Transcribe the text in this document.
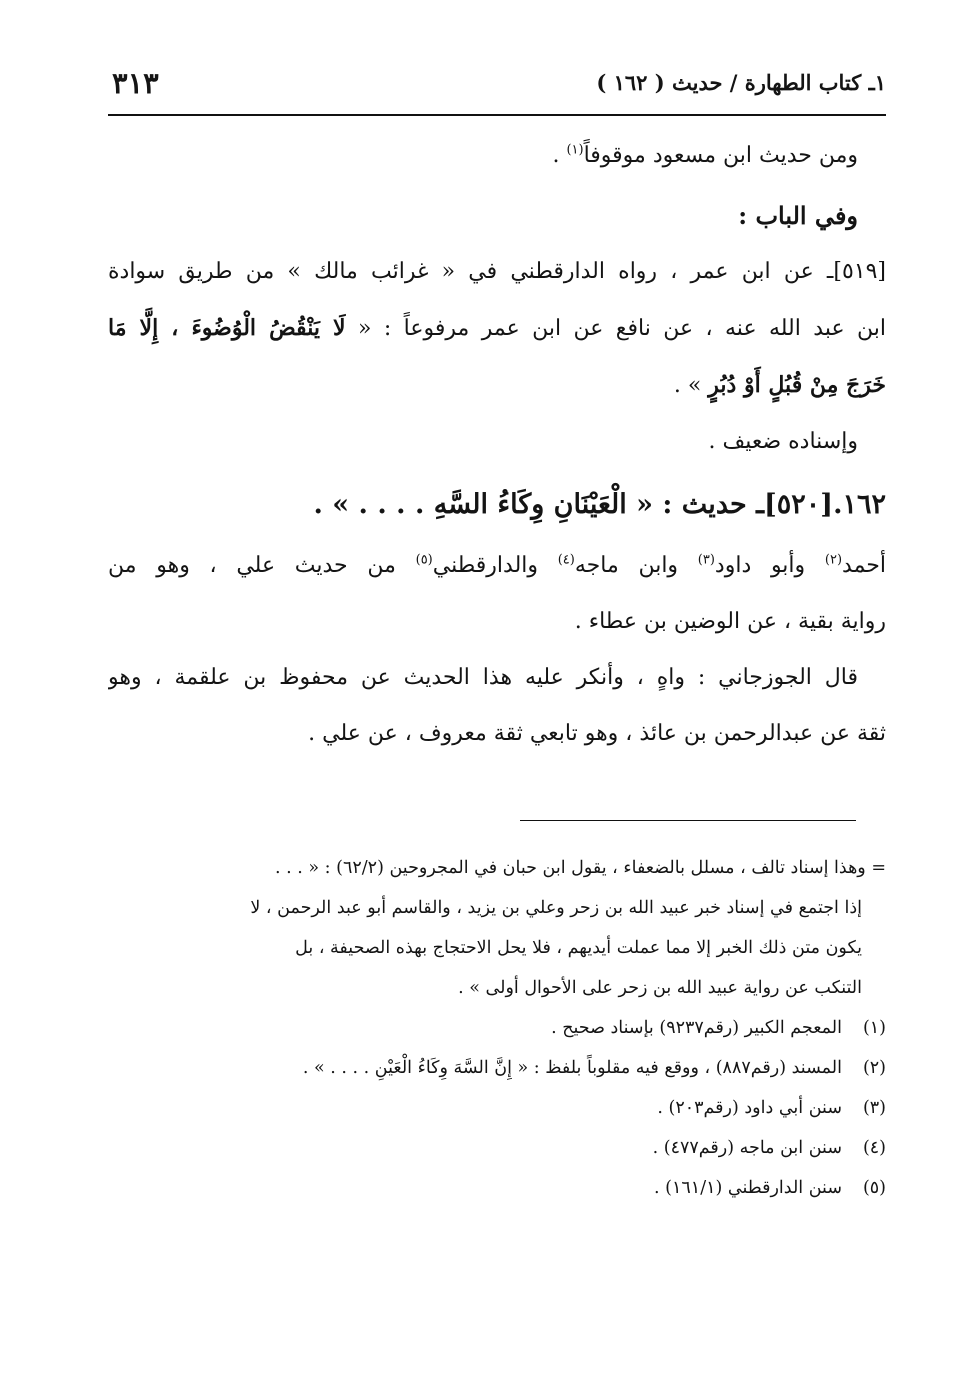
١ـ كتاب الطهارة / حديث ( ١٦٢ )
٣١٣
ومن حديث ابن مسعود موقوفاً$^{(١)}$ .
وفي الباب :
[٥١٩]ـ عن ابن عمر ، رواه الدارقطني في « غرائب مالك » من طريق سوادة
ابن عبد الله عنه ، عن نافع عن ابن عمر مرفوعاً : « لَا يَنْقُضُ الْوُضُوءَ ، إِلَّا مَا
خَرَجَ مِنْ قُبُلٍ أَوْ دُبُرٍ » .
وإسناده ضعيف .
١٦٢.[٥٢٠]ـ حديث : « الْعَيْنَانِ وِكَاءُ السَّهِ . . . . » .
أحمد$^{(٢)}$ وأبو داود$^{(٣)}$ وابن ماجه$^{(٤)}$ والدارقطني$^{(٥)}$ من حديث علي ، وهو من
رواية بقية ، عن الوضين بن عطاء .
قال الجوزجاني : واهٍ ، وأنكر عليه هذا الحديث عن محفوظ بن علقمة ، وهو
ثقة عن عبدالرحمن بن عائذ ، وهو تابعي ثقة معروف ، عن علي .
= وهذا إسناد تالف ، مسلل بالضعفاء ، يقول ابن حبان في المجروحين (٦٢/٢) : « . . .
إذا اجتمع في إسناد خبر عبيد الله بن زحر وعلي بن يزيد ، والقاسم أبو عبد الرحمن ، لا
يكون متن ذلك الخبر إلا مما عملت أيديهم ، فلا يحل الاحتجاج بهذه الصحيفة ، بل
التنكب عن رواية عبيد الله بن زحر على الأحوال أولى » .
(١)
المعجم الكبير (رقم٩٢٣٧) بإسناد صحيح .
(٢)
المسند (رقم٨٨٧) ، ووقع فيه مقلوباً بلفظ : « إِنَّ السَّهَ وِكَاءُ الْعَيْنِ . . . . » .
(٣)
سنن أبي داود (رقم٢٠٣) .
(٤)
سنن ابن ماجه (رقم٤٧٧) .
(٥)
سنن الدارقطني (١٦١/١) .
